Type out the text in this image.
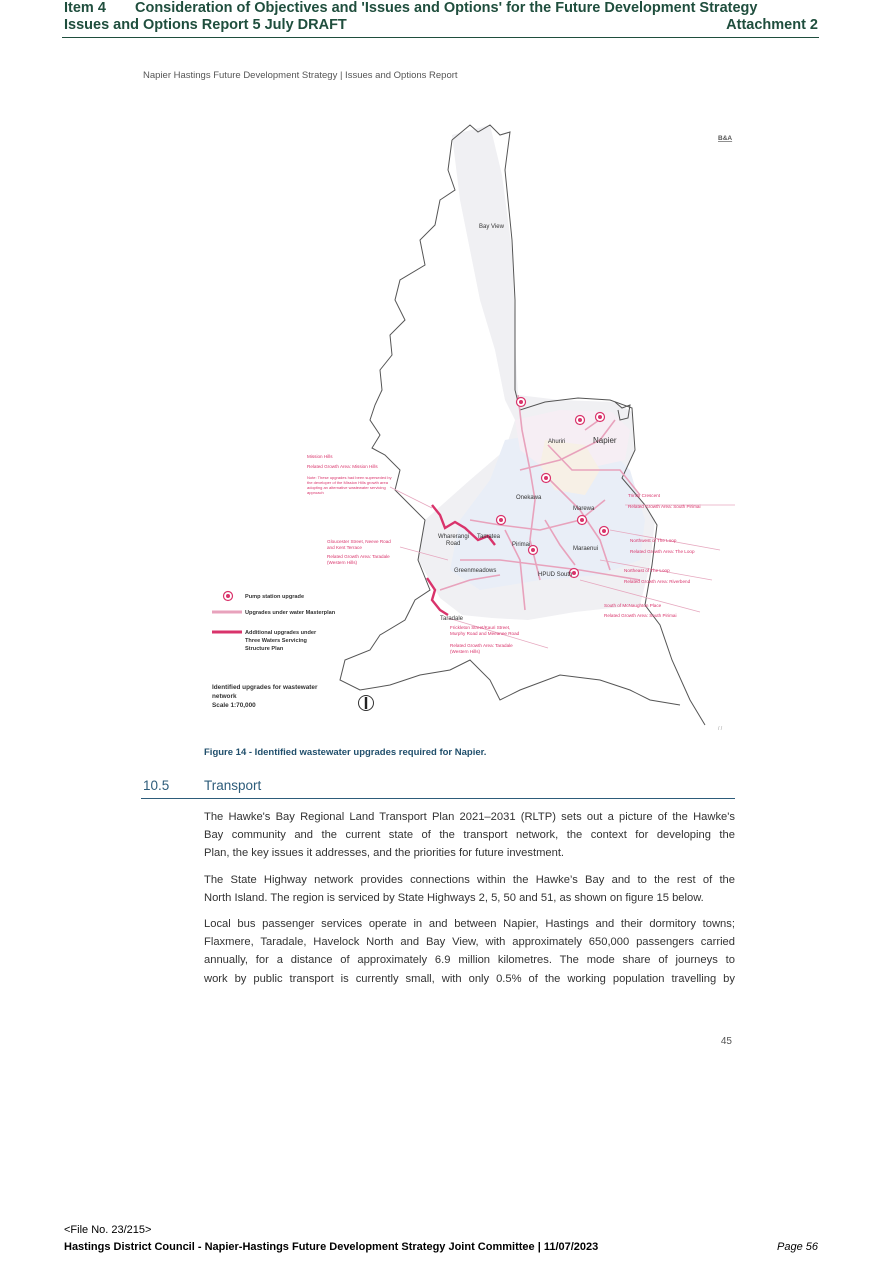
Item 4 Consideration of Objectives and 'Issues and Options' for the Future Development Strategy
Issues and Options Report 5 July DRAFT	Attachment 2
Napier Hastings Future Development Strategy | Issues and Options Report
B&A
Bay View
Ahuriri	Napier
Onekawa
Marewa
Wharerangi
Road
Tamatea
Pirimai
Maraenui
Greenmeadows
HPUD South
Taradale
Mission Hills
Related Growth Area: Mission Hills
Note: These upgrades had been superseded by
the developer of the Mission Hills growth area
adopting an alternative wastewater servicing
approach
Gloucester Street, Neeve Road
and Kent Terrace
Related Growth Area: Taradale
(Western Hills)
Trinity Crescent
Related Growth Area: South Pirimai
Northwest of The Loop
Related Growth Area: The Loop
Northeast of The Loop
Related Growth Area: Riverbend
South of McNaughton Place
Related Growth Area: South Pirimai
Frickleton Street/Kauri Street,
Murphy Road and Meeanee Road
Related Growth Area: Taradale
(Western Hills)
Pump station upgrade
Upgrades under water Masterplan
Additional upgrades under
Three Waters Servicing
Structure Plan
Identified upgrades for wastewater
network
Scale 1:70,000
/ /
Figure 14 - Identified wastewater upgrades required for Napier.
10.5	Transport
The Hawke's Bay Regional Land Transport Plan 2021–2031 (RLTP) sets out a picture of the Hawke's
Bay community and the current state of the transport network, the context for developing the
Plan, the key issues it addresses, and the priorities for future investment.
The State Highway network provides connections within the Hawke’s Bay and to the rest of the
North Island. The region is serviced by State Highways 2, 5, 50 and 51, as shown on figure 15 below.
Local bus passenger services operate in and between Napier, Hastings and their dormitory towns;
Flaxmere, Taradale, Havelock North and Bay View, with approximately 650,000 passengers carried
annually, for a distance of approximately 6.9 million kilometres. The mode share of journeys to
work by public transport is currently small, with only 0.5% of the working population travelling by
45
<File No. 23/215>
Hastings District Council - Napier-Hastings Future Development Strategy Joint Committee | 11/07/2023	Page 56
